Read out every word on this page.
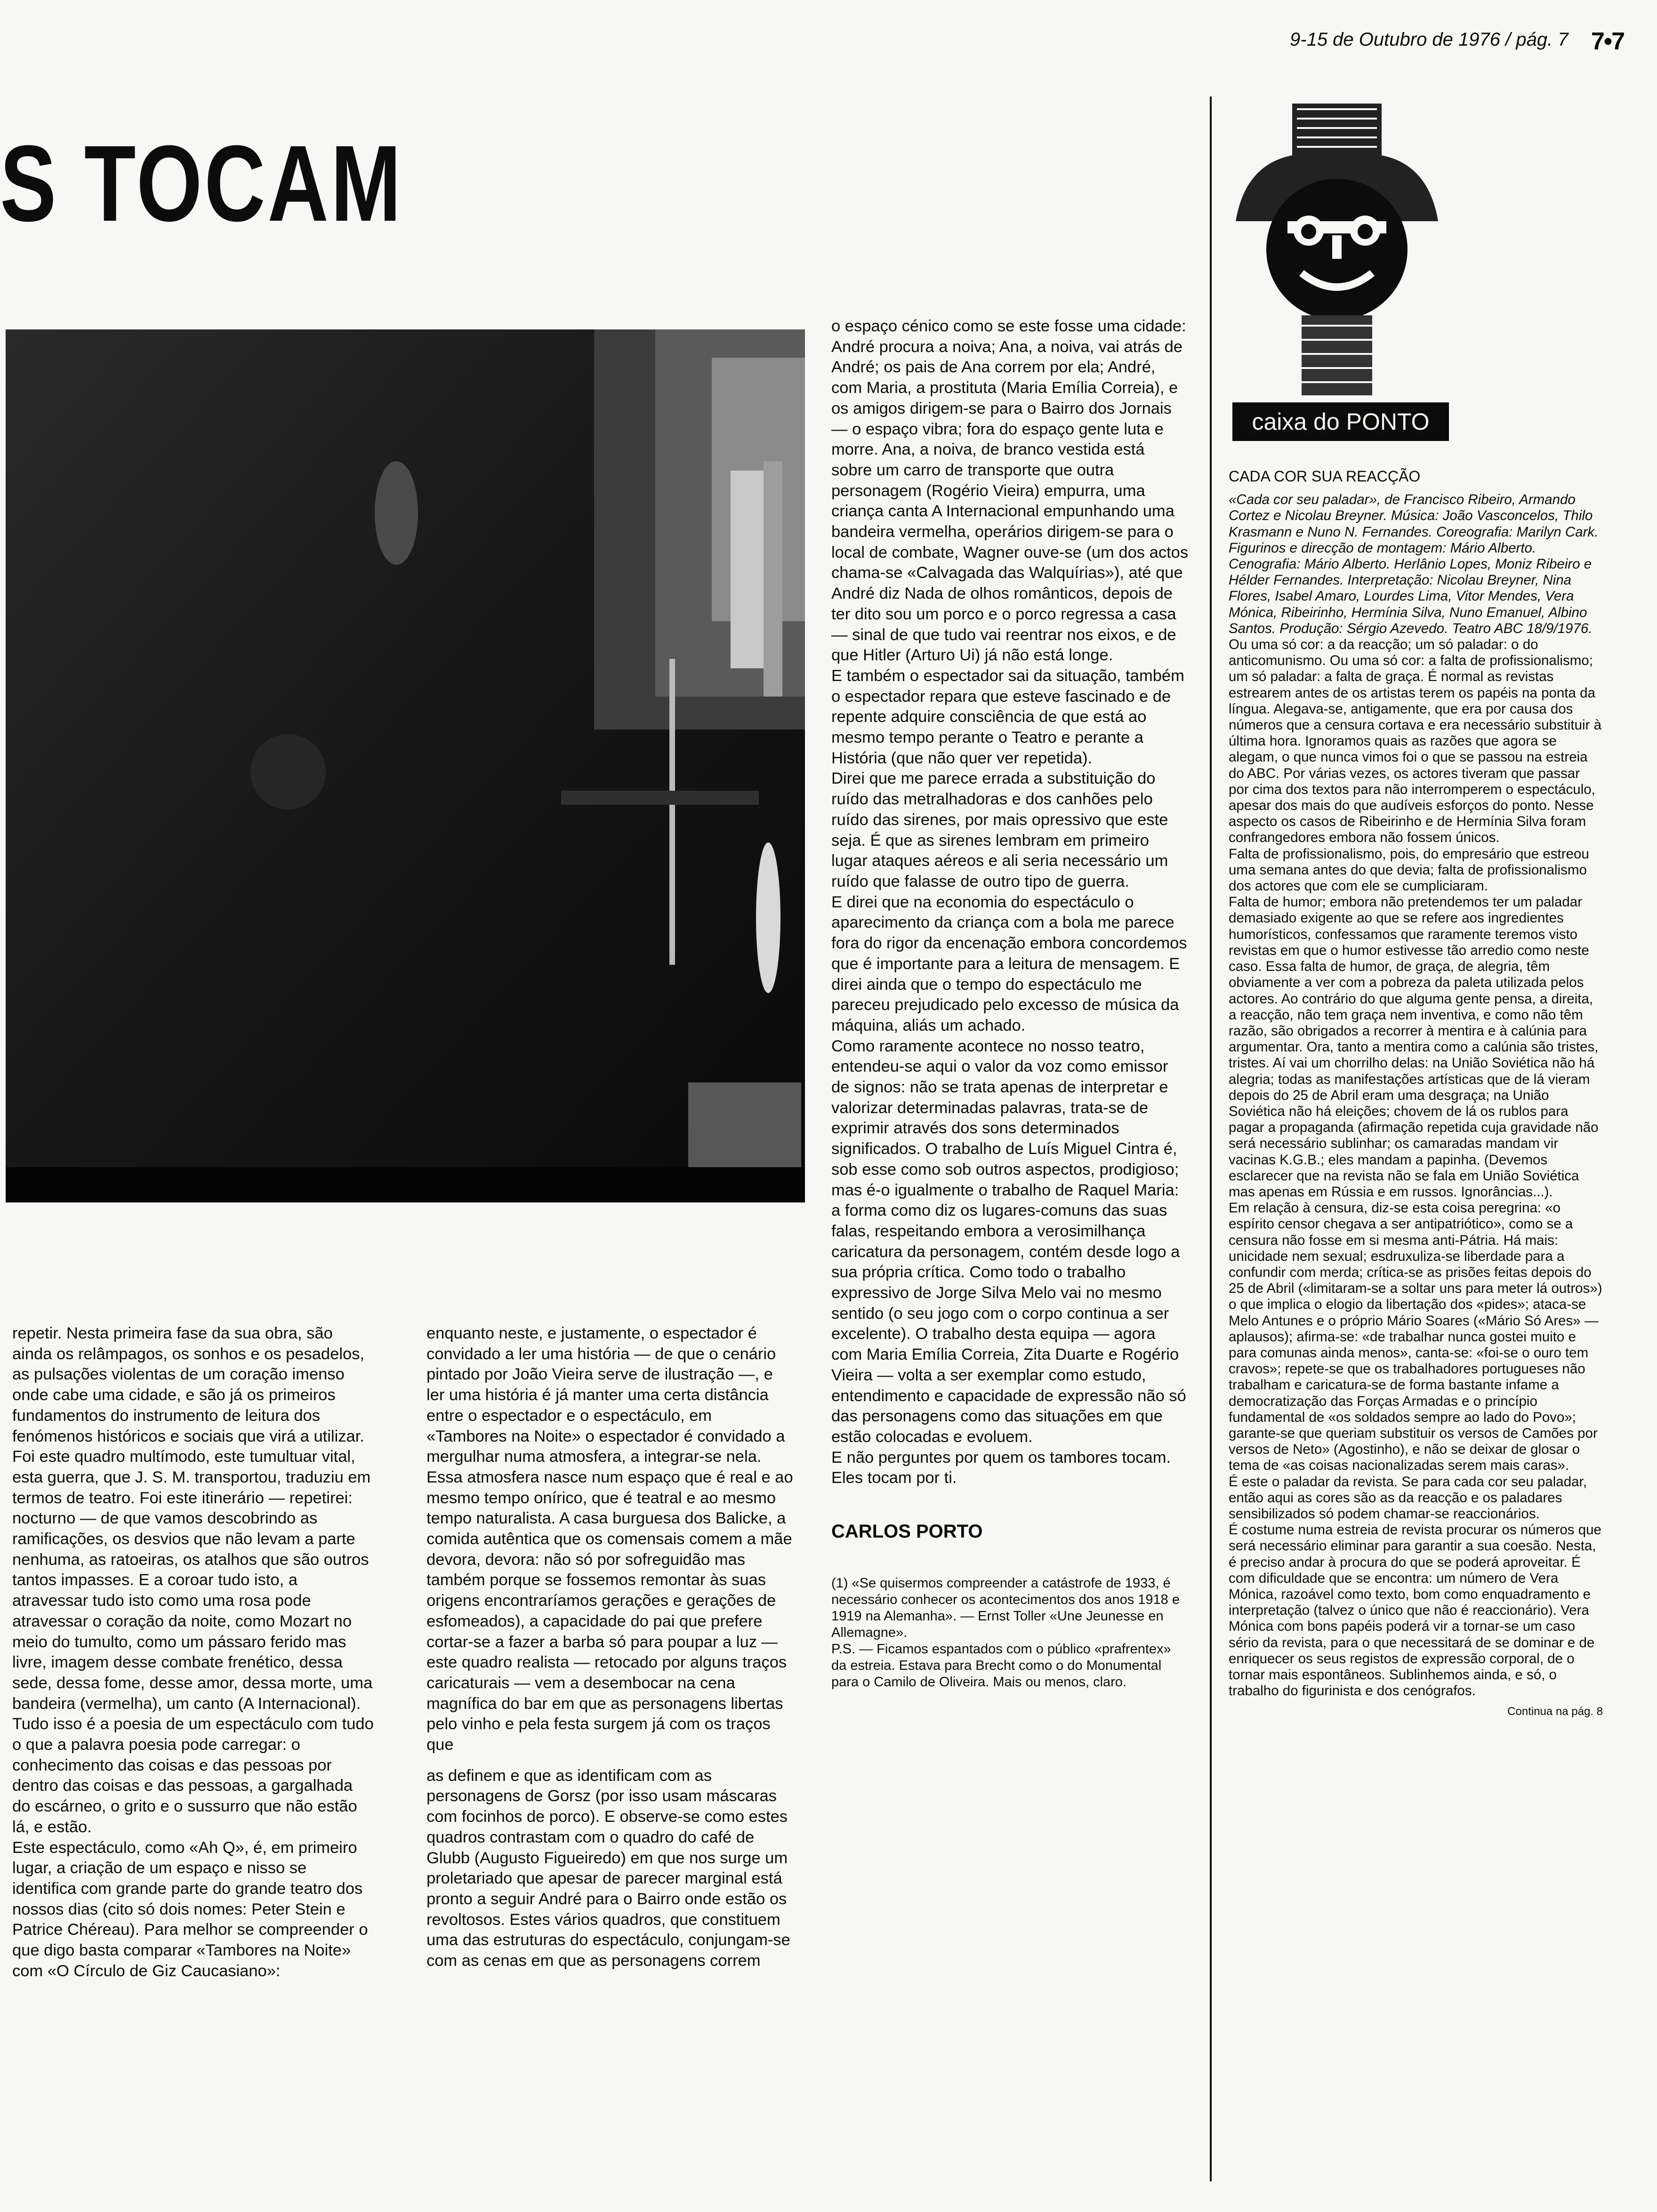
9-15 de Outubro de 1976 / pág. 7 7•7
S TOCAM

repetir. Nesta primeira fase da sua obra, são ainda os relâmpagos, os sonhos e os pesadelos, as pulsações violentas de um coração imenso onde cabe uma cidade, e são já os primeiros fundamentos do instrumento de leitura dos fenómenos históricos e sociais que virá a utilizar.

Foi este quadro multímodo, este tumultuar vital, esta guerra, que J. S. M. transportou, traduziu em termos de teatro. Foi este itinerário — repetirei: nocturno — de que vamos descobrindo as ramificações, os desvios que não levam a parte nenhuma, as ratoeiras, os atalhos que são outros tantos impasses. E a coroar tudo isto, a atravessar tudo isto como uma rosa pode atravessar o coração da noite, como Mozart no meio do tumulto, como um pássaro ferido mas livre, imagem desse combate frenético, dessa sede, dessa fome, desse amor, dessa morte, uma bandeira (vermelha), um canto (A Internacional). Tudo isso é a poesia de um espectáculo com tudo o que a palavra poesia pode carregar: o conhecimento das coisas e das pessoas por dentro das coisas e das pessoas, a gargalhada do escárneo, o grito e o sussurro que não estão lá, e estão.

Este espectáculo, como «Ah Q», é, em primeiro lugar, a criação de um espaço e nisso se identifica com grande parte do grande teatro dos nossos dias (cito só dois nomes: Peter Stein e Patrice Chéreau). Para melhor se compreender o que digo basta comparar «Tambores na Noite» com «O Círculo de Giz Caucasiano»:

enquanto neste, e justamente, o espectador é convidado a ler uma história — de que o cenário pintado por João Vieira serve de ilustração —, e ler uma história é já manter uma certa distância entre o espectador e o espectáculo, em «Tambores na Noite» o espectador é convidado a mergulhar numa atmosfera, a integrar-se nela. Essa atmosfera nasce num espaço que é real e ao mesmo tempo onírico, que é teatral e ao mesmo tempo naturalista. A casa burguesa dos Balicke, a comida autêntica que os comensais comem a mãe devora, devora: não só por sofreguidão mas também porque se fossemos remontar às suas origens encontraríamos gerações e gerações de esfomeados), a capacidade do pai que prefere cortar-se a fazer a barba só para poupar a luz — este quadro realista — retocado por alguns traços caricaturais — vem a desembocar na cena magnífica do bar em que as personagens libertas pelo vinho e pela festa surgem já com os traços que

as definem e que as identificam com as personagens de Gorsz (por isso usam máscaras com focinhos de porco). E observe-se como estes quadros contrastam com o quadro do café de Glubb (Augusto Figueiredo) em que nos surge um proletariado que apesar de parecer marginal está pronto a seguir André para o Bairro onde estão os revoltosos. Estes vários quadros, que constituem uma das estruturas do espectáculo, conjungam-se com as cenas em que as personagens correm

o espaço cénico como se este fosse uma cidade: André procura a noiva; Ana, a noiva, vai atrás de André; os pais de Ana correm por ela; André, com Maria, a prostituta (Maria Emília Correia), e os amigos dirigem-se para o Bairro dos Jornais — o espaço vibra; fora do espaço gente luta e morre. Ana, a noiva, de branco vestida está sobre um carro de transporte que outra personagem (Rogério Vieira) empurra, uma criança canta A Internacional empunhando uma bandeira vermelha, operários dirigem-se para o local de combate, Wagner ouve-se (um dos actos chama-se «Calvagada das Walquírias»), até que André diz Nada de olhos românticos, depois de ter dito sou um porco e o porco regressa a casa — sinal de que tudo vai reentrar nos eixos, e de que Hitler (Arturo Ui) já não está longe.

E também o espectador sai da situação, também o espectador repara que esteve fascinado e de repente adquire consciência de que está ao mesmo tempo perante o Teatro e perante a História (que não quer ver repetida).

Direi que me parece errada a substituição do ruído das metralhadoras e dos canhões pelo ruído das sirenes, por mais opressivo que este seja. É que as sirenes lembram em primeiro lugar ataques aéreos e ali seria necessário um ruído que falasse de outro tipo de guerra.

E direi que na economia do espectáculo o aparecimento da criança com a bola me parece fora do rigor da encenação embora concordemos que é importante para a leitura de mensagem. E direi ainda que o tempo do espectáculo me pareceu prejudicado pelo excesso de música da máquina, aliás um achado.

Como raramente acontece no nosso teatro, entendeu-se aqui o valor da voz como emissor de signos: não se trata apenas de interpretar e valorizar determinadas palavras, trata-se de exprimir através dos sons determinados significados. O trabalho de Luís Miguel Cintra é, sob esse como sob outros aspectos, prodigioso; mas é-o igualmente o trabalho de Raquel Maria: a forma como diz os lugares-comuns das suas falas, respeitando embora a verosimilhança caricatura da personagem, contém desde logo a sua própria crítica. Como todo o trabalho expressivo de Jorge Silva Melo vai no mesmo sentido (o seu jogo com o corpo continua a ser excelente). O trabalho desta equipa — agora com Maria Emília Correia, Zita Duarte e Rogério Vieira — volta a ser exemplar como estudo, entendimento e capacidade de expressão não só das personagens como das situações em que estão colocadas e evoluem.

E não perguntes por quem os tambores tocam. Eles tocam por ti.

CARLOS PORTO

(1) «Se quisermos compreender a catástrofe de 1933, é necessário conhecer os acontecimentos dos anos 1918 e 1919 na Alemanha». — Ernst Toller «Une Jeunesse en Allemagne».

P.S. — Ficamos espantados com o público «prafrentex» da estreia. Estava para Brecht como o do Monumental para o Camilo de Oliveira. Mais ou menos, claro.

caixa do PONTO

CADA COR SUA REACÇÃO

«Cada cor seu paladar», de Francisco Ribeiro, Armando Cortez e Nicolau Breyner. Música: João Vasconcelos, Thilo Krasmann e Nuno N. Fernandes. Coreografia: Marilyn Cark. Figurinos e direcção de montagem: Mário Alberto. Cenografia: Mário Alberto. Herlânio Lopes, Moniz Ribeiro e Hélder Fernandes. Interpretação: Nicolau Breyner, Nina Flores, Isabel Amaro, Lourdes Lima, Vitor Mendes, Vera Mónica, Ribeirinho, Hermínia Silva, Nuno Emanuel, Albino Santos. Produção: Sérgio Azevedo. Teatro ABC 18/9/1976.

Ou uma só cor: a da reacção; um só paladar: o do anticomunismo. Ou uma só cor: a falta de profissionalismo; um só paladar: a falta de graça. É normal as revistas estrearem antes de os artistas terem os papéis na ponta da língua. Alegava-se, antigamente, que era por causa dos números que a censura cortava e era necessário substituir à última hora. Ignoramos quais as razões que agora se alegam, o que nunca vimos foi o que se passou na estreia do ABC. Por várias vezes, os actores tiveram que passar por cima dos textos para não interromperem o espectáculo, apesar dos mais do que audíveis esforços do ponto. Nesse aspecto os casos de Ribeirinho e de Hermínia Silva foram confrangedores embora não fossem únicos.

Falta de profissionalismo, pois, do empresário que estreou uma semana antes do que devia; falta de profissionalismo dos actores que com ele se cumpliciaram.

Falta de humor; embora não pretendemos ter um paladar demasiado exigente ao que se refere aos ingredientes humorísticos, confessamos que raramente teremos visto revistas em que o humor estivesse tão arredio como neste caso. Essa falta de humor, de graça, de alegria, têm obviamente a ver com a pobreza da paleta utilizada pelos actores. Ao contrário do que alguma gente pensa, a direita, a reacção, não tem graça nem inventiva, e como não têm razão, são obrigados a recorrer à mentira e à calúnia para argumentar. Ora, tanto a mentira como a calúnia são tristes, tristes. Aí vai um chorrilho delas: na União Soviética não há alegria; todas as manifestações artísticas que de lá vieram depois do 25 de Abril eram uma desgraça; na União Soviética não há eleições; chovem de lá os rublos para pagar a propaganda (afirmação repetida cuja gravidade não será necessário sublinhar; os camaradas mandam vir vacinas K.G.B.; eles mandam a papinha. (Devemos esclarecer que na revista não se fala em União Soviética mas apenas em Rússia e em russos. Ignorâncias...).

Em relação à censura, diz-se esta coisa peregrina: «o espírito censor chegava a ser antipatriótico», como se a censura não fosse em si mesma anti-Pátria. Há mais: unicidade nem sexual; esdruxuliza-se liberdade para a confundir com merda; crítica-se as prisões feitas depois do 25 de Abril («limitaram-se a soltar uns para meter lá outros») o que implica o elogio da libertação dos «pides»; ataca-se Melo Antunes e o próprio Mário Soares («Mário Só Ares» — aplausos); afirma-se: «de trabalhar nunca gostei muito e para comunas ainda menos», canta-se: «foi-se o ouro tem cravos»; repete-se que os trabalhadores portugueses não trabalham e caricatura-se de forma bastante infame a democratização das Forças Armadas e o princípio fundamental de «os soldados sempre ao lado do Povo»; garante-se que queriam substituir os versos de Camões por versos de Neto» (Agostinho), e não se deixar de glosar o tema de «as coisas nacionalizadas serem mais caras».

É este o paladar da revista. Se para cada cor seu paladar, então aqui as cores são as da reacção e os paladares sensibilizados só podem chamar-se reaccionários.

É costume numa estreia de revista procurar os números que será necessário eliminar para garantir a sua coesão. Nesta, é preciso andar à procura do que se poderá aproveitar. É com dificuldade que se encontra: um número de Vera Mónica, razoável como texto, bom como enquadramento e interpretação (talvez o único que não é reaccionário). Vera Mónica com bons papéis poderá vir a tornar-se um caso sério da revista, para o que necessitará de se dominar e de enriquecer os seus registos de expressão corporal, de o tornar mais espontâneos. Sublinhemos ainda, e só, o trabalho do figurinista e dos cenógrafos.

Continua na pág. 8
